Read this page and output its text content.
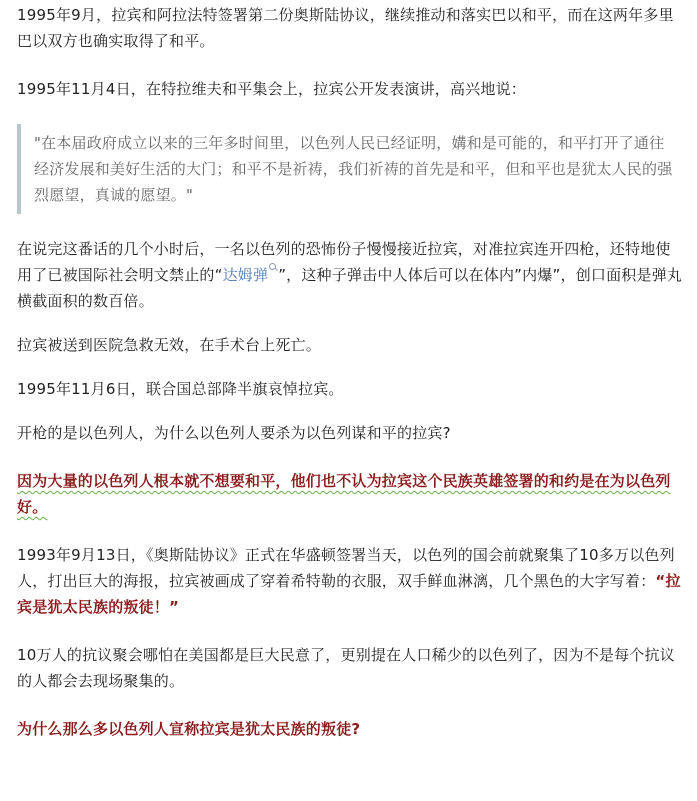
1995年9月，拉宾和阿拉法特签署第二份奥斯陆协议，继续推动和落实巴以和平，而在这两年多里巴以双方也确实取得了和平。

1995年11月4日，在特拉维夫和平集会上，拉宾公开发表演讲，高兴地说：

"在本届政府成立以来的三年多时间里，以色列人民已经证明，媾和是可能的，和平打开了通往经济发展和美好生活的大门；和平不是祈祷，我们祈祷的首先是和平，但和平也是犹太人民的强烈愿望，真诚的愿望。"

在说完这番话的几个小时后，一名以色列的恐怖份子慢慢接近拉宾，对准拉宾连开四枪，还特地使用了已被国际社会明文禁止的“达姆弹 ”，这种子弹击中人体后可以在体内”内爆”，创口面积是弹丸横截面积的数百倍。

拉宾被送到医院急救无效，在手术台上死亡。

1995年11月6日，联合国总部降半旗哀悼拉宾。

开枪的是以色列人，为什么以色列人要杀为以色列谋和平的拉宾?

因为大量的以色列人根本就不想要和平，他们也不认为拉宾这个民族英雄签署的和约是在为以色列好。

1993年9月13日，《奥斯陆协议》正式在华盛顿签署当天，以色列的国会前就聚集了10多万以色列人，打出巨大的海报，拉宾被画成了穿着希特勒的衣服，双手鲜血淋漓，几个黑色的大字写着：“拉宾是犹太民族的叛徒！”

10万人的抗议聚会哪怕在美国都是巨大民意了，更别提在人口稀少的以色列了，因为不是每个抗议的人都会去现场聚集的。

为什么那么多以色列人宣称拉宾是犹太民族的叛徒?
